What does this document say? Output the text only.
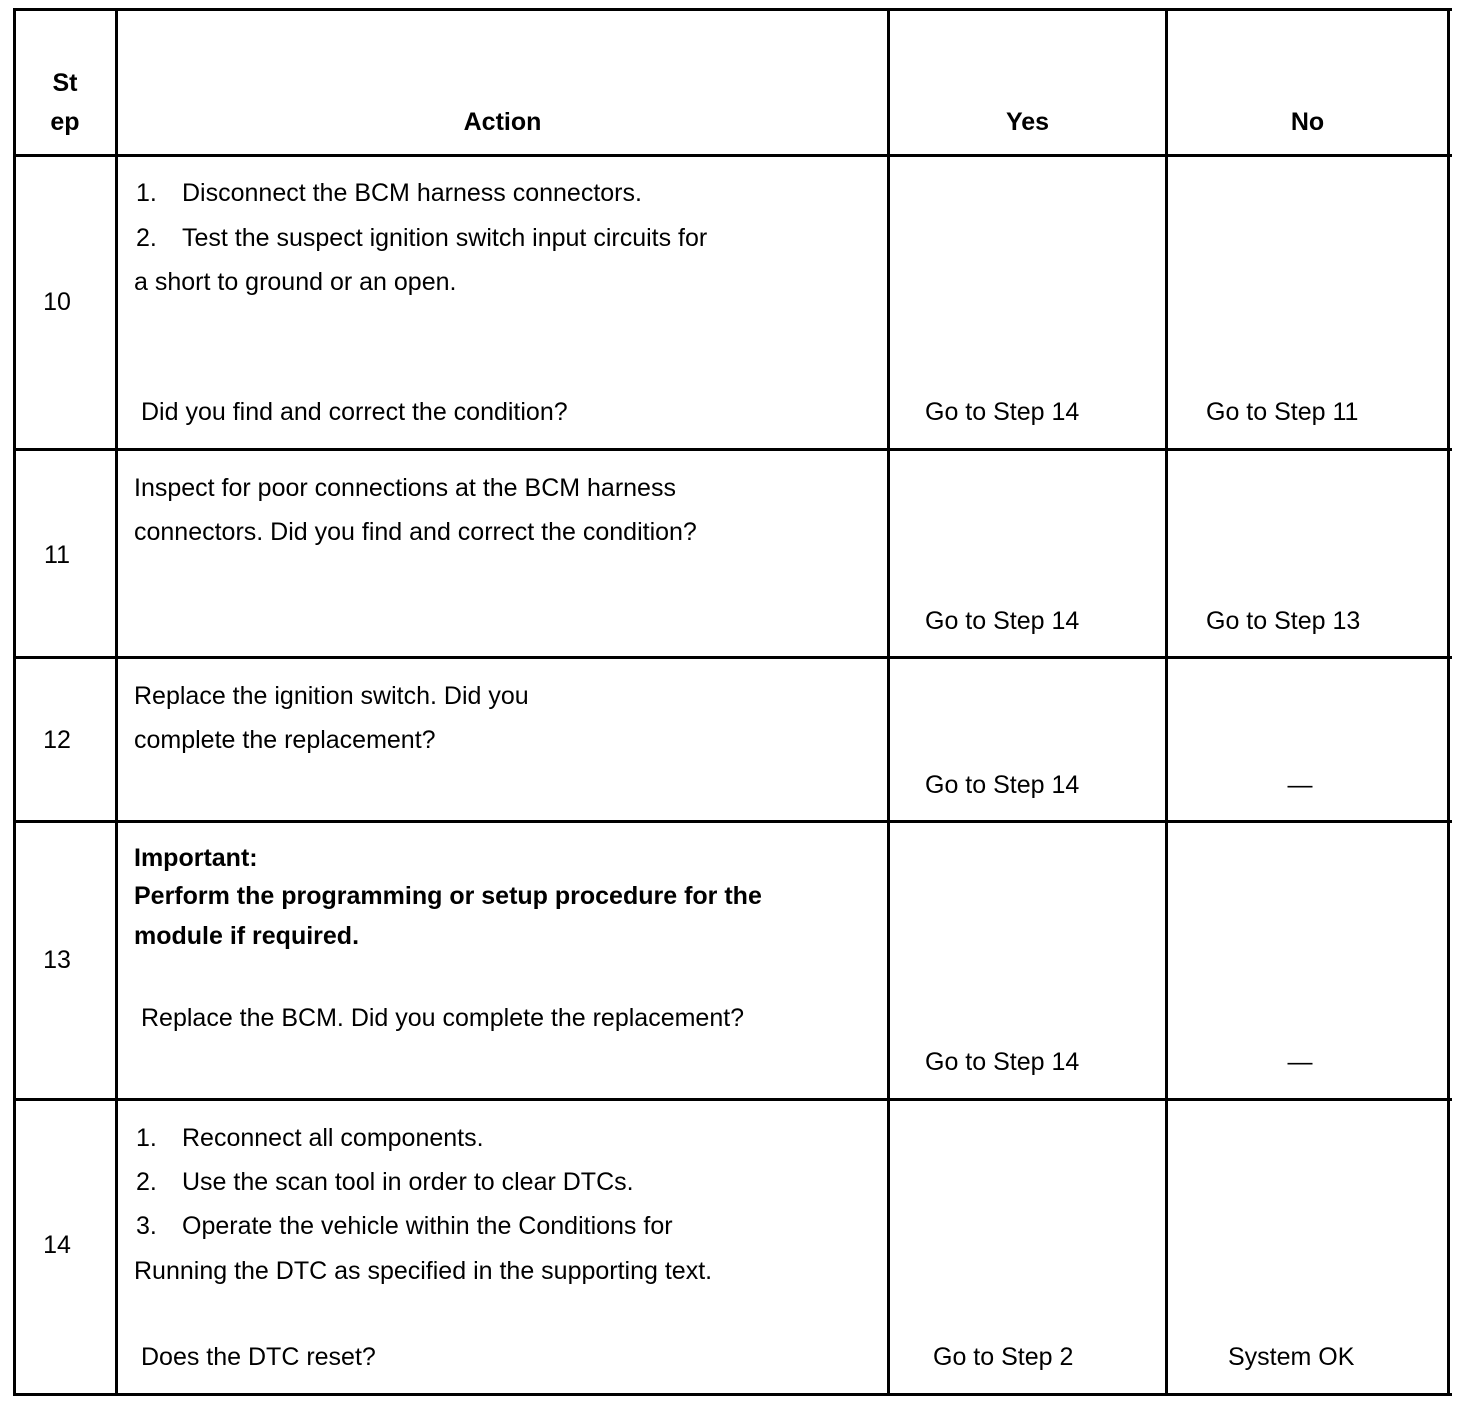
St
ep	Action	Yes	No
10
1. Disconnect the BCM harness connectors.
2. Test the suspect ignition switch input circuits for
a short to ground or an open.
Did you find and correct the condition?	Go to Step 14	Go to Step 11
11
Inspect for poor connections at the BCM harness
connectors. Did you find and correct the condition?
Go to Step 14	Go to Step 13
12
Replace the ignition switch. Did you
complete the replacement?
Go to Step 14	—
13
Important:
Perform the programming or setup procedure for the
module if required.
Replace the BCM. Did you complete the replacement?
Go to Step 14	—
14
1. Reconnect all components.
2. Use the scan tool in order to clear DTCs.
3. Operate the vehicle within the Conditions for
Running the DTC as specified in the supporting text.
Does the DTC reset?	Go to Step 2	System OK
